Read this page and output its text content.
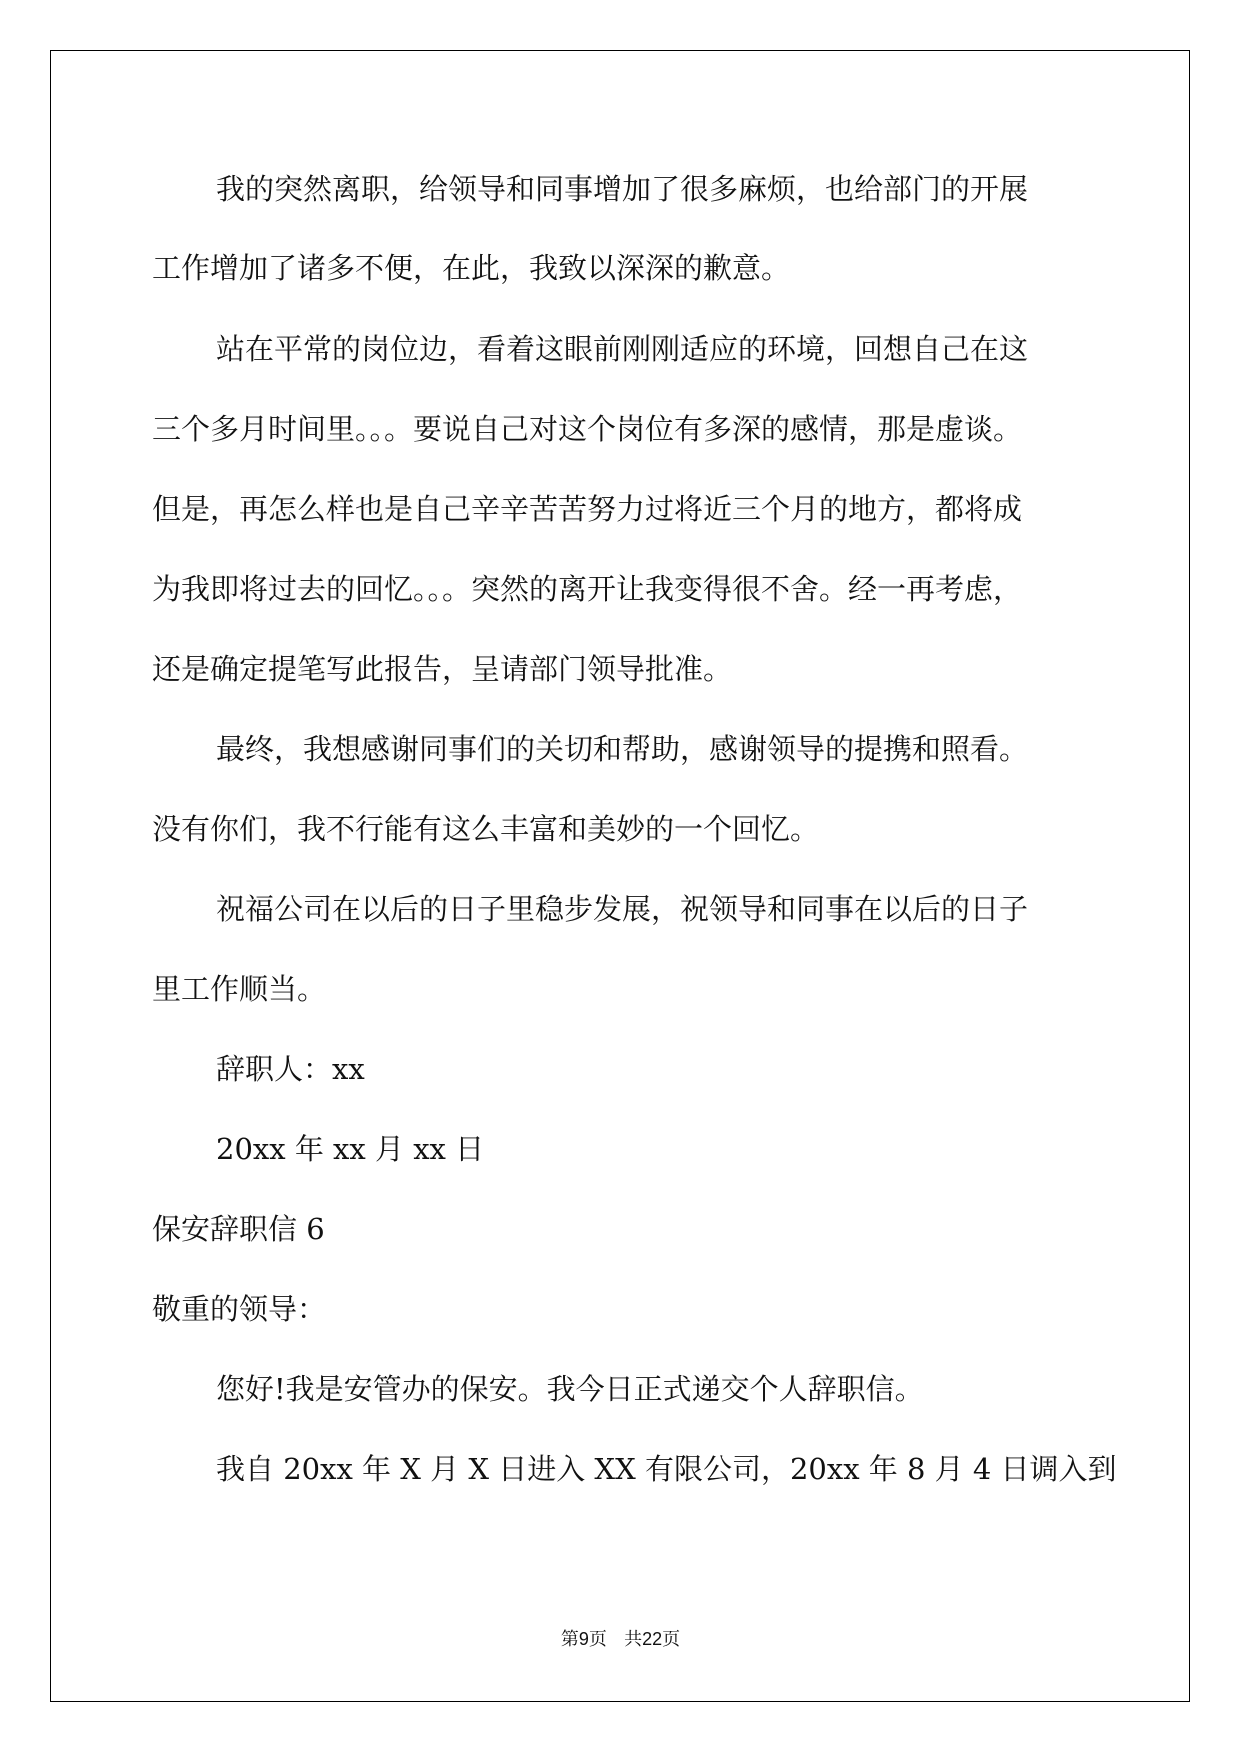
我的突然离职，给领导和同事增加了很多麻烦，也给部门的开展
工作增加了诸多不便，在此，我致以深深的歉意。
站在平常的岗位边，看着这眼前刚刚适应的环境，回想自己在这
三个多月时间里。。。要说自己对这个岗位有多深的感情，那是虚谈。
但是，再怎么样也是自己辛辛苦苦努力过将近三个月的地方，都将成
为我即将过去的回忆。。。突然的离开让我变得很不舍。经一再考虑，
还是确定提笔写此报告，呈请部门领导批准。
最终，我想感谢同事们的关切和帮助，感谢领导的提携和照看。
没有你们，我不行能有这么丰富和美妙的一个回忆。
祝福公司在以后的日子里稳步发展，祝领导和同事在以后的日子
里工作顺当。
辞职人：xx
20xx 年 xx 月 xx 日
保安辞职信 6
敬重的领导：
您好!我是安管办的保安。我今日正式递交个人辞职信。
我自 20xx 年 X 月 X 日进入 XX 有限公司，20xx 年 8 月 4 日调入到
第9页 共22页
